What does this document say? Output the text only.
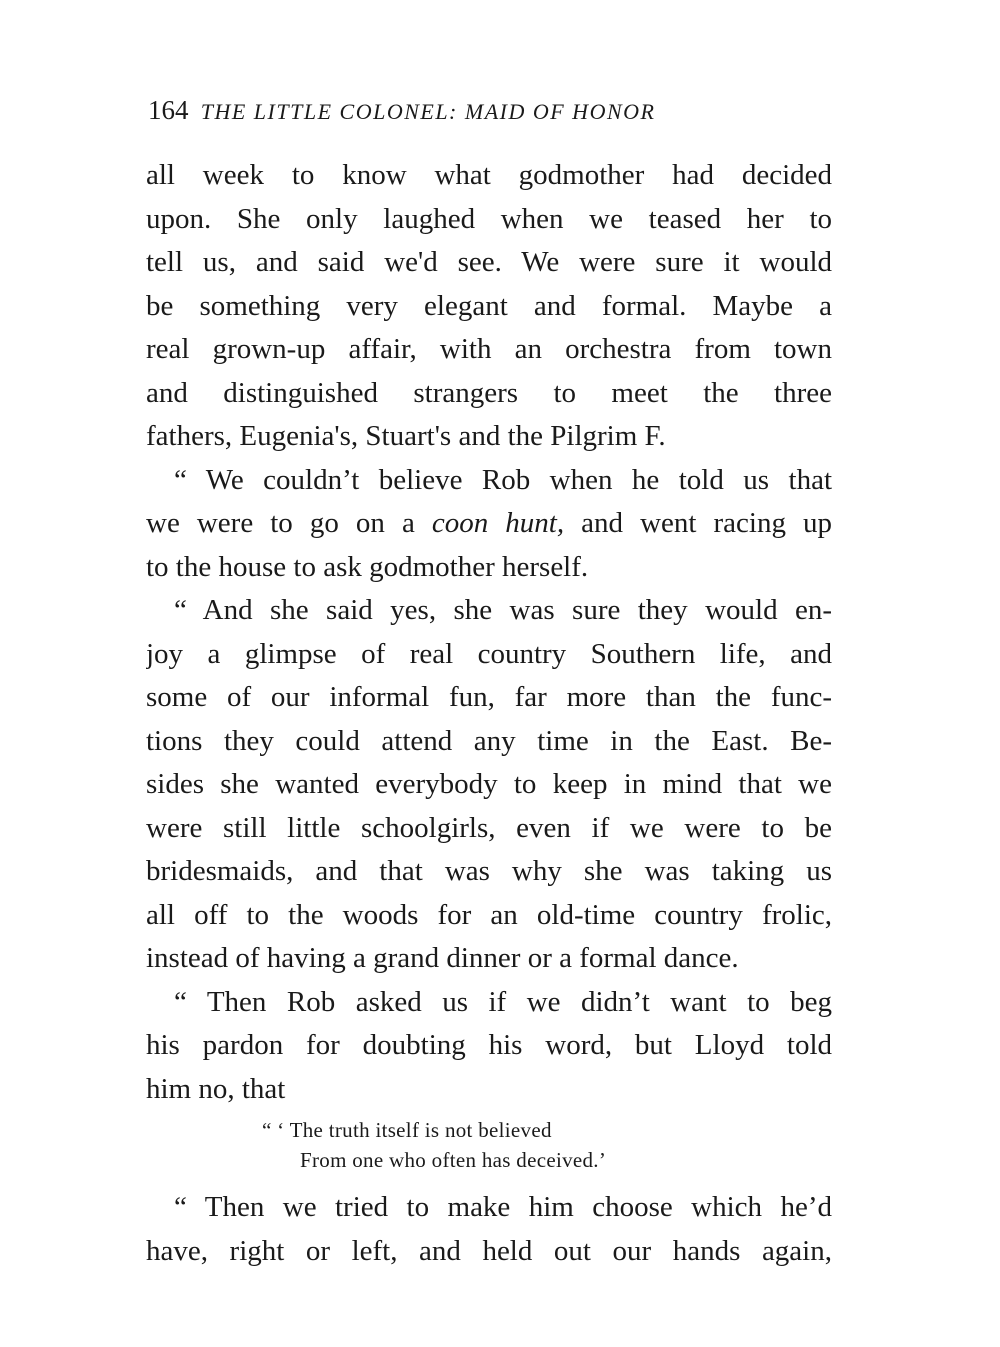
164 THE LITTLE COLONEL: MAID OF HONOR
all week to know what godmother had decided
upon. She only laughed when we teased her to
tell us, and said we'd see. We were sure it would
be something very elegant and formal. Maybe a
real grown-up affair, with an orchestra from town
and distinguished strangers to meet the three
fathers, Eugenia's, Stuart's and the Pilgrim F.
“ We couldn’t believe Rob when he told us that
we were to go on a coon hunt, and went racing up
to the house to ask godmother herself.
“ And she said yes, she was sure they would en-
joy a glimpse of real country Southern life, and
some of our informal fun, far more than the func-
tions they could attend any time in the East. Be-
sides she wanted everybody to keep in mind that we
were still little schoolgirls, even if we were to be
bridesmaids, and that was why she was taking us
all off to the woods for an old-time country frolic,
instead of having a grand dinner or a formal dance.
“ Then Rob asked us if we didn’t want to beg
his pardon for doubting his word, but Lloyd told
him no, that
“ ‘ The truth itself is not believed
From one who often has deceived.’
“ Then we tried to make him choose which he’d
have, right or left, and held out our hands again,
